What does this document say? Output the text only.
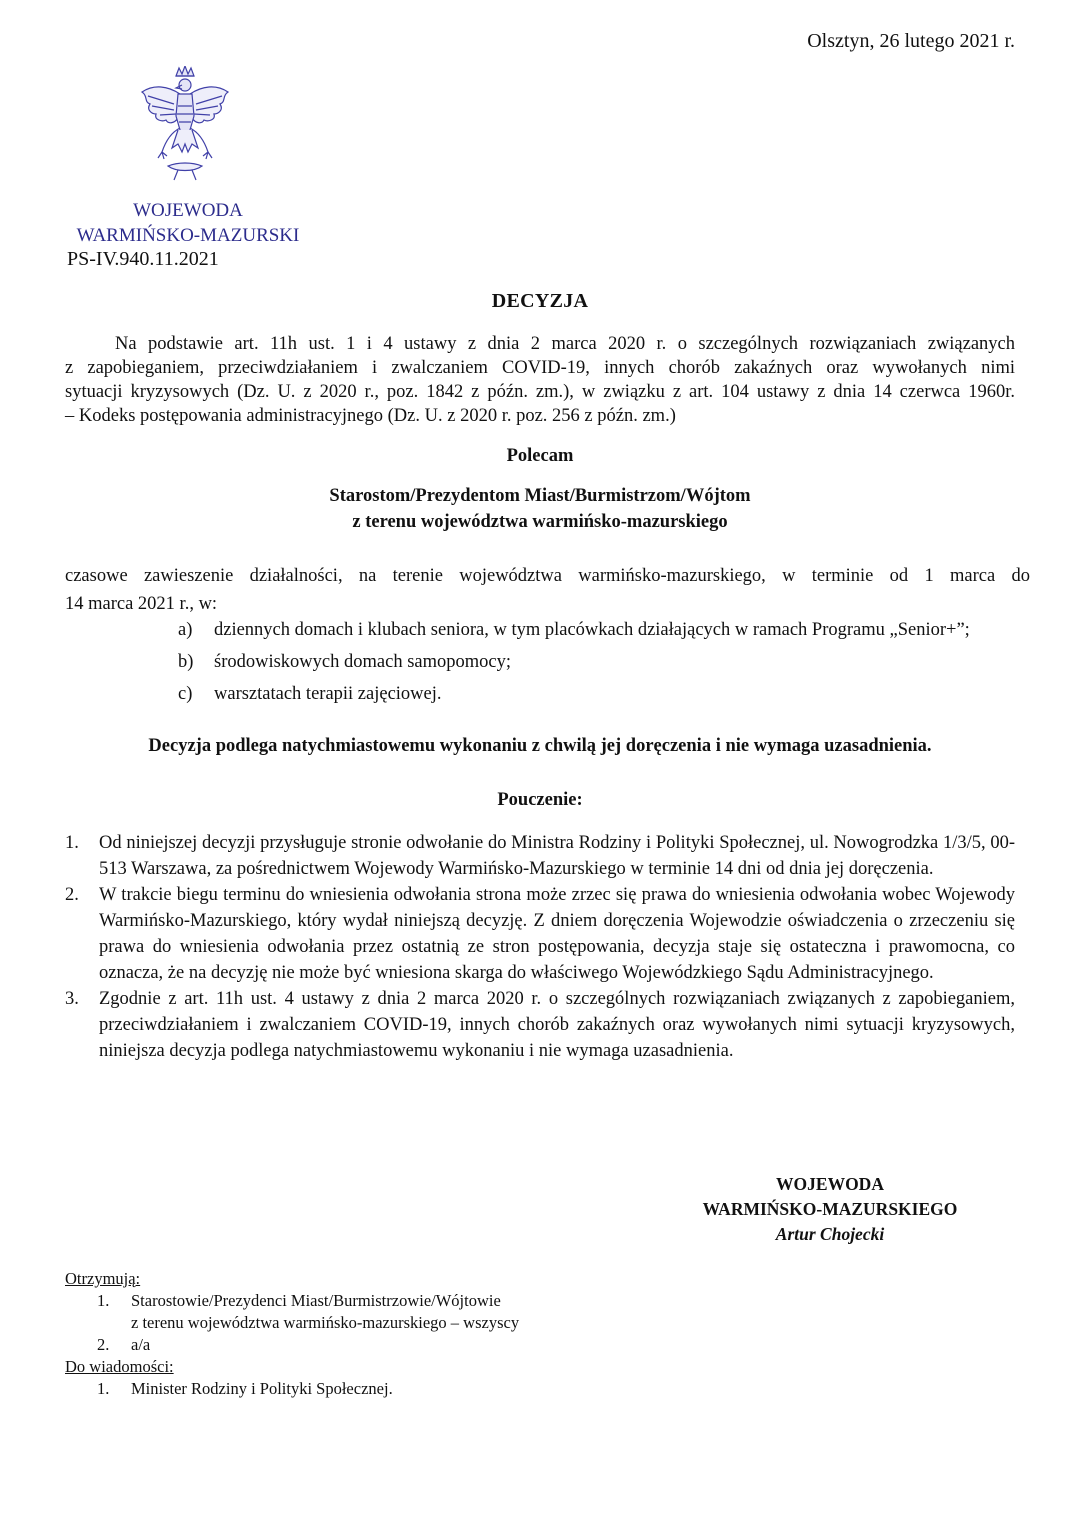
Olsztyn, 26 lutego 2021 r.
WOJEWODA
WARMIŃSKO-MAZURSKI
PS-IV.940.11.2021
DECYZJA
Na podstawie art. 11h ust. 1 i 4 ustawy z dnia 2 marca 2020 r. o szczególnych rozwiązaniach związanych
z zapobieganiem, przeciwdziałaniem i zwalczaniem COVID-19, innych chorób zakaźnych oraz wywołanych nimi
sytuacji kryzysowych (Dz. U. z 2020 r., poz. 1842 z późn. zm.), w związku z art. 104 ustawy z dnia 14 czerwca 1960r.
– Kodeks postępowania administracyjnego (Dz. U. z 2020 r. poz. 256 z późn. zm.)
Polecam
Starostom/Prezydentom Miast/Burmistrzom/Wójtom
z terenu województwa warmińsko-mazurskiego
czasowe zawieszenie działalności, na terenie województwa warmińsko-mazurskiego, w terminie od 1 marca do
14 marca 2021 r., w:
a)	dziennych domach i klubach seniora, w tym placówkach działających w ramach Programu „Senior+”;
b)	środowiskowych domach samopomocy;
c)	warsztatach terapii zajęciowej.
Decyzja podlega natychmiastowemu wykonaniu z chwilą jej doręczenia i nie wymaga uzasadnienia.
Pouczenie:
1.	Od niniejszej decyzji przysługuje stronie odwołanie do Ministra Rodziny i Polityki Społecznej, ul. Nowogrodzka 1/3/5, 00-513 Warszawa, za pośrednictwem Wojewody Warmińsko-Mazurskiego w terminie 14 dni od dnia jej doręczenia.
2.	W trakcie biegu terminu do wniesienia odwołania strona może zrzec się prawa do wniesienia odwołania wobec Wojewody Warmińsko-Mazurskiego, który wydał niniejszą decyzję. Z dniem doręczenia Wojewodzie oświadczenia o zrzeczeniu się prawa do wniesienia odwołania przez ostatnią ze stron postępowania, decyzja staje się ostateczna i prawomocna, co oznacza, że na decyzję nie może być wniesiona skarga do właściwego Wojewódzkiego Sądu Administracyjnego.
3.	Zgodnie z art. 11h ust. 4 ustawy z dnia 2 marca 2020 r. o szczególnych rozwiązaniach związanych z zapobieganiem, przeciwdziałaniem i zwalczaniem COVID-19, innych chorób zakaźnych oraz wywołanych nimi sytuacji kryzysowych, niniejsza decyzja podlega natychmiastowemu wykonaniu i nie wymaga uzasadnienia.
WOJEWODA
WARMIŃSKO-MAZURSKIEGO
Artur Chojecki
Otrzymują:
1.	Starostowie/Prezydenci Miast/Burmistrzowie/Wójtowie
z terenu województwa warmińsko-mazurskiego – wszyscy
2.	a/a
Do wiadomości:
1.	Minister Rodziny i Polityki Społecznej.
